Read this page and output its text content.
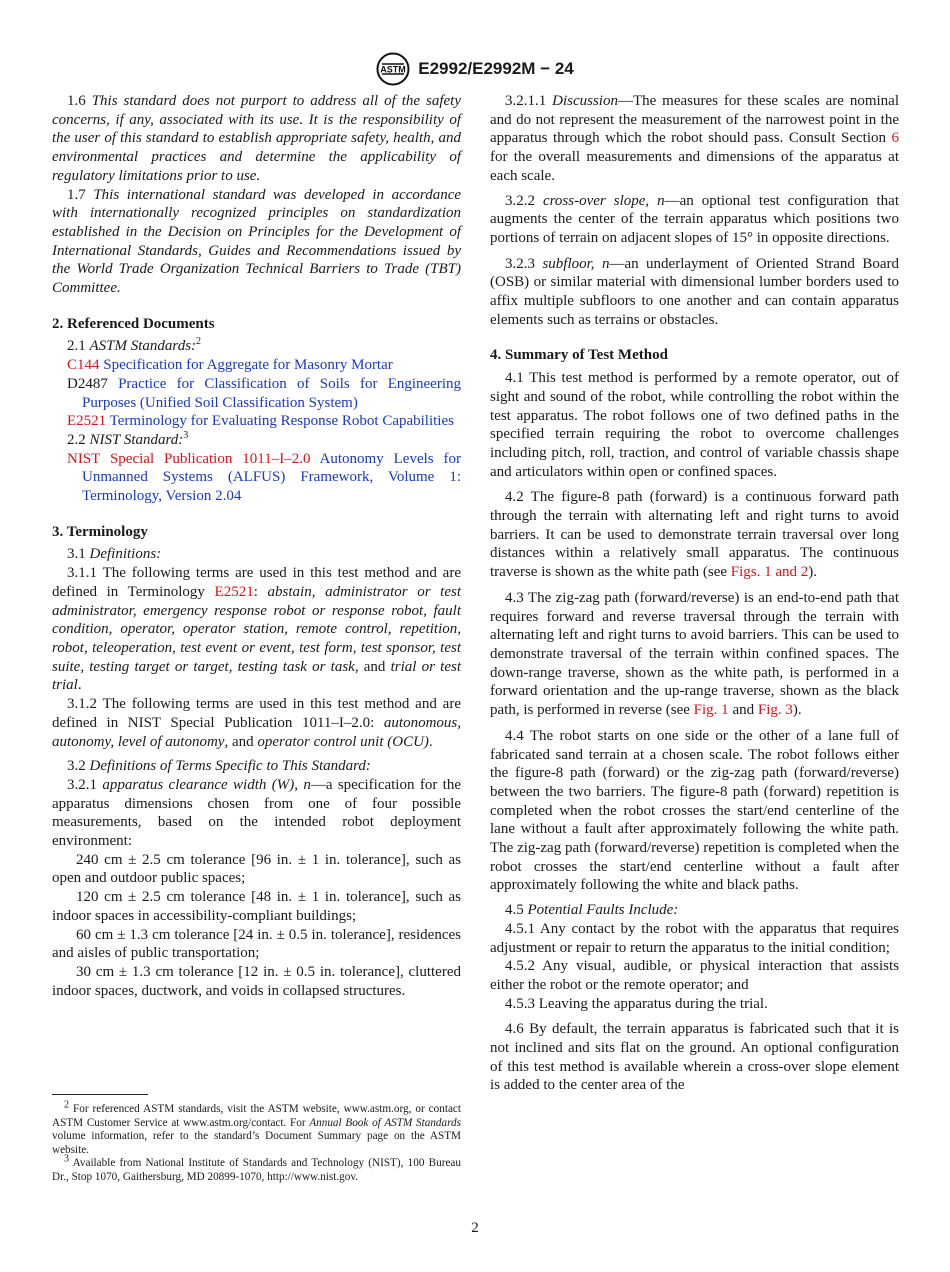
ASTM E2992/E2992M − 24

1.6 This standard does not purport to address all of the safety concerns, if any, associated with its use. It is the responsibility of the user of this standard to establish appropriate safety, health, and environmental practices and determine the applicability of regulatory limitations prior to use.

1.7 This international standard was developed in accordance with internationally recognized principles on standardization established in the Decision on Principles for the Development of International Standards, Guides and Recommendations issued by the World Trade Organization Technical Barriers to Trade (TBT) Committee.

2. Referenced Documents

2.1 ASTM Standards:$^2$

C144 Specification for Aggregate for Masonry Mortar

D2487 Practice for Classification of Soils for Engineering Purposes (Unified Soil Classification System)

E2521 Terminology for Evaluating Response Robot Capabilities

2.2 NIST Standard:$^3$

NIST Special Publication 1011–I–2.0 Autonomy Levels for Unmanned Systems (ALFUS) Framework, Volume 1: Terminology, Version 2.04

3. Terminology

3.1 Definitions:

3.1.1 The following terms are used in this test method and are defined in Terminology E2521: abstain, administrator or test administrator, emergency response robot or response robot, fault condition, operator, operator station, remote control, repetition, robot, teleoperation, test event or event, test form, test sponsor, test suite, testing target or target, testing task or task, and trial or test trial.

3.1.2 The following terms are used in this test method and are defined in NIST Special Publication 1011–I–2.0: autonomous, autonomy, level of autonomy, and operator control unit (OCU).

3.2 Definitions of Terms Specific to This Standard:

3.2.1 apparatus clearance width (W), n—a specification for the apparatus dimensions chosen from one of four possible measurements, based on the intended robot deployment environment:

240 cm ± 2.5 cm tolerance [96 in. ± 1 in. tolerance], such as open and outdoor public spaces;

120 cm ± 2.5 cm tolerance [48 in. ± 1 in. tolerance], such as indoor spaces in accessibility-compliant buildings;

60 cm ± 1.3 cm tolerance [24 in. ± 0.5 in. tolerance], residences and aisles of public transportation;

30 cm ± 1.3 cm tolerance [12 in. ± 0.5 in. tolerance], cluttered indoor spaces, ductwork, and voids in collapsed structures.

$^2$ For referenced ASTM standards, visit the ASTM website, www.astm.org, or contact ASTM Customer Service at www.astm.org/contact. For Annual Book of ASTM Standards volume information, refer to the standard’s Document Summary page on the ASTM website.

$^3$ Available from National Institute of Standards and Technology (NIST), 100 Bureau Dr., Stop 1070, Gaithersburg, MD 20899-1070, http://www.nist.gov.

3.2.1.1 Discussion—The measures for these scales are nominal and do not represent the measurement of the narrowest point in the apparatus through which the robot should pass. Consult Section 6 for the overall measurements and dimensions of the apparatus at each scale.

3.2.2 cross-over slope, n—an optional test configuration that augments the center of the terrain apparatus which positions two portions of terrain on adjacent slopes of 15° in opposite directions.

3.2.3 subfloor, n—an underlayment of Oriented Strand Board (OSB) or similar material with dimensional lumber borders used to affix multiple subfloors to one another and can contain apparatus elements such as terrains or obstacles.

4. Summary of Test Method

4.1 This test method is performed by a remote operator, out of sight and sound of the robot, while controlling the robot within the test apparatus. The robot follows one of two defined paths in the specified terrain requiring the robot to overcome challenges including pitch, roll, traction, and control of variable chassis shape and articulators within open or confined spaces.

4.2 The figure-8 path (forward) is a continuous forward path through the terrain with alternating left and right turns to avoid barriers. It can be used to demonstrate terrain traversal over long distances within a relatively small apparatus. The continuous traverse is shown as the white path (see Figs. 1 and 2).

4.3 The zig-zag path (forward/reverse) is an end-to-end path that requires forward and reverse traversal through the terrain with alternating left and right turns to avoid barriers. This can be used to demonstrate traversal of the terrain within confined spaces. The down-range traverse, shown as the white path, is performed in a forward orientation and the up-range traverse, shown as the black path, is performed in reverse (see Fig. 1 and Fig. 3).

4.4 The robot starts on one side or the other of a lane full of fabricated sand terrain at a chosen scale. The robot follows either the figure-8 path (forward) or the zig-zag path (forward/reverse) between the two barriers. The figure-8 path (forward) repetition is completed when the robot crosses the start/end centerline of the lane without a fault after approximately following the white path. The zig-zag path (forward/reverse) repetition is completed when the robot crosses the start/end centerline without a fault after approximately following the white and black paths.

4.5 Potential Faults Include:

4.5.1 Any contact by the robot with the apparatus that requires adjustment or repair to return the apparatus to the initial condition;

4.5.2 Any visual, audible, or physical interaction that assists either the robot or the remote operator; and

4.5.3 Leaving the apparatus during the trial.

4.6 By default, the terrain apparatus is fabricated such that it is not inclined and sits flat on the ground. An optional configuration of this test method is available wherein a cross-over slope element is added to the center area of the

2
